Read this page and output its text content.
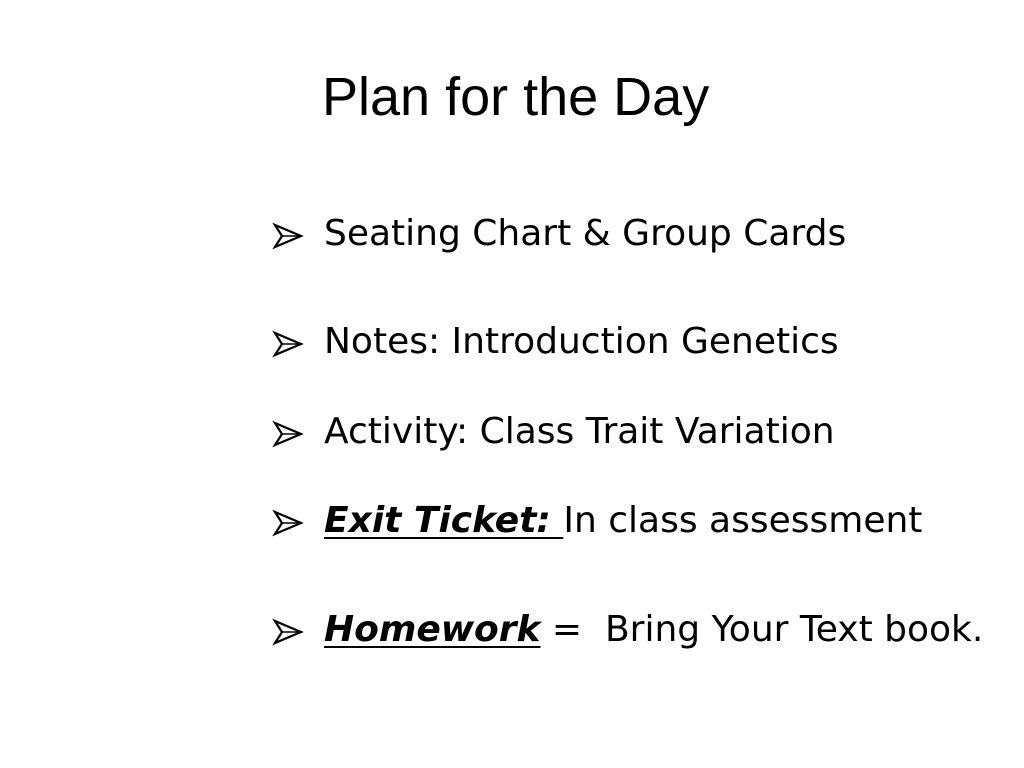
Plan for the Day
Seating Chart & Group Cards
Notes: Introduction Genetics
Activity: Class Trait Variation
Exit Ticket: In class assessment
Homework =  Bring Your Text book.
